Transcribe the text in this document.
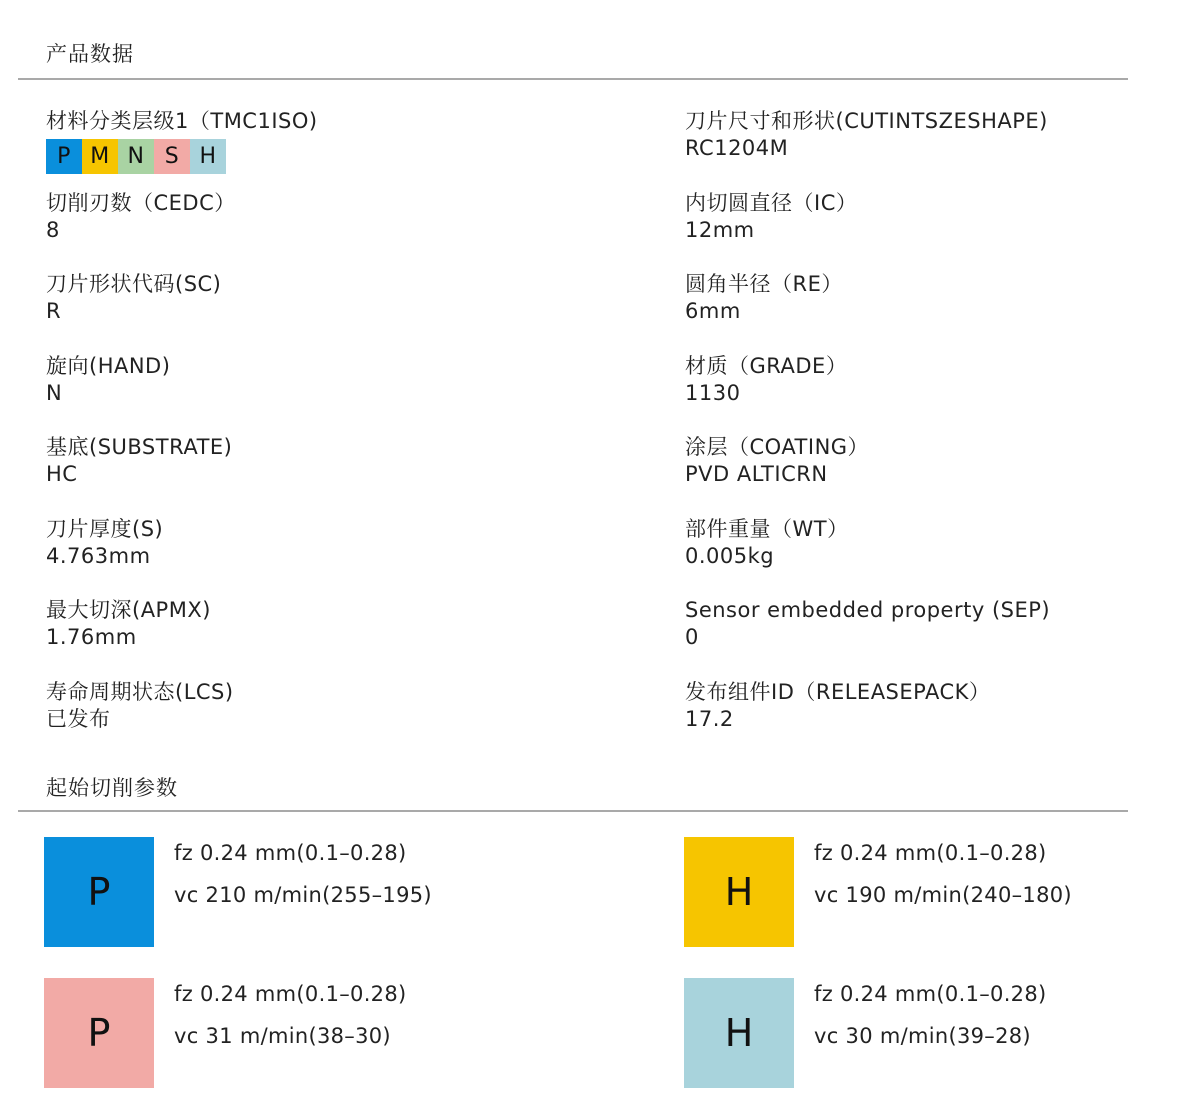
产品数据
材料分类层级1（TMC1ISO)
P M N S H
切削刃数（CEDC）
8
刀片形状代码(SC)
R
旋向(HAND)
N
基底(SUBSTRATE)
HC
刀片厚度(S)
4.763mm
最大切深(APMX)
1.76mm
寿命周期状态(LCS)
已发布
刀片尺寸和形状(CUTINTSZESHAPE)
RC1204M
内切圆直径（IC）
12mm
圆角半径（RE）
6mm
材质（GRADE）
1130
涂层（COATING）
PVD ALTICRN
部件重量（WT）
0.005kg
Sensor embedded property (SEP)
0
发布组件ID（RELEASEPACK）
17.2
起始切削参数
P
fz 0.24 mm(0.1–0.28)
vc 210 m/min(255–195)	H
fz 0.24 mm(0.1–0.28)
vc 190 m/min(240–180)
P
fz 0.24 mm(0.1–0.28)
vc 31 m/min(38–30)	H
fz 0.24 mm(0.1–0.28)
vc 30 m/min(39–28)
